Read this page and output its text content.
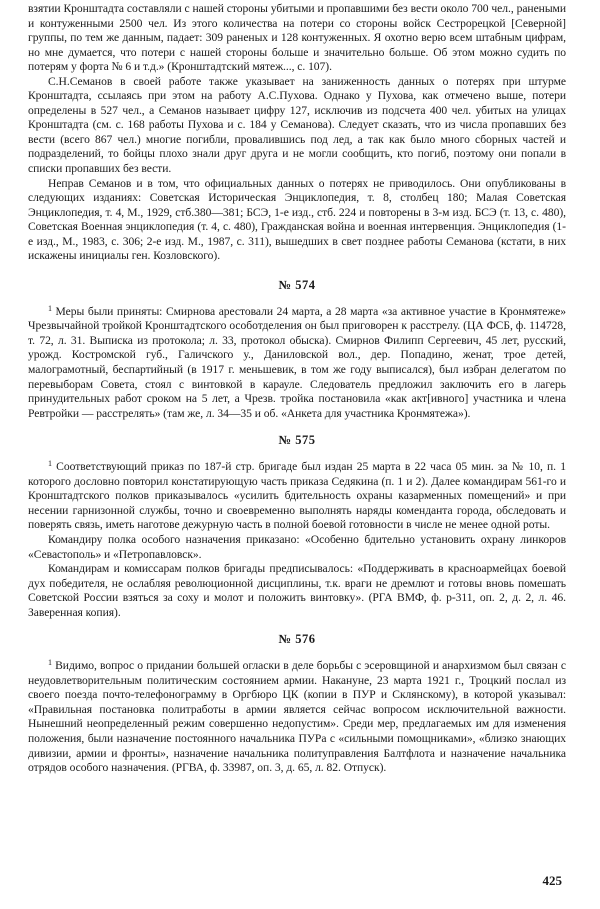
взятии Кронштадта составляли с нашей стороны убитыми и пропавшими без вести около 700 чел., ранеными и контуженными 2500 чел. Из этого количества на потери со стороны войск Сестрорецкой [Северной] группы, по тем же данным, падает: 309 раненых и 128 контуженных. Я охотно верю всем штабным цифрам, но мне думается, что потери с нашей стороны больше и значительно больше. Об этом можно судить по потерям у форта № 6 и т.д.» (Кронштадтский мятеж..., с. 107).

С.Н.Семанов в своей работе также указывает на заниженность данных о потерях при штурме Кронштадта, ссылаясь при этом на работу А.С.Пухова. Однако у Пухова, как отмечено выше, потери определены в 527 чел., а Семанов называет цифру 127, исключив из подсчета 400 чел. убитых на улицах Кронштадта (см. с. 168 работы Пухова и с. 184 у Семанова). Следует сказать, что из числа пропавших без вести (всего 867 чел.) многие погибли, провалившись под лед, а так как было много сборных частей и подразделений, то бойцы плохо знали друг друга и не могли сообщить, кто погиб, поэтому они попали в списки пропавших без вести.

Неправ Семанов и в том, что официальных данных о потерях не приводилось. Они опубликованы в следующих изданиях: Советская Историческая Энциклопедия, т. 8, столбец 180; Малая Советская Энциклопедия, т. 4, М., 1929, стб.380—381; БСЭ, 1-е изд., стб. 224 и повторены в 3-м изд. БСЭ (т. 13, с. 480), Советская Военная энциклопедия (т. 4, с. 480), Гражданская война и военная интервенция. Энциклопедия (1-е изд., М., 1983, с. 306; 2-е изд. М., 1987, с. 311), вышедших в свет позднее работы Семанова (кстати, в них искажены инициалы ген. Козловского).

№ 574

$^1$ Меры были приняты: Смирнова арестовали 24 марта, а 28 марта «за активное участие в Кронмятеже» Чрезвычайной тройкой Кронштадтского особотделения он был приговорен к расстрелу. (ЦА ФСБ, ф. 114728, т. 72, л. 31. Выписка из протокола; л. 33, протокол обыска). Смирнов Филипп Сергеевич, 45 лет, русский, урожд. Костромской губ., Галичского у., Даниловской вол., дер. Попадино, женат, трое детей, малограмотный, беспартийный (в 1917 г. меньшевик, в том же году выписался), был избран делегатом по перевыборам Совета, стоял с винтовкой в карауле. Следователь предложил заключить его в лагерь принудительных работ сроком на 5 лет, а Чрезв. тройка постановила «как акт[ивного] участника и члена Ревтройки — расстрелять» (там же, л. 34—35 и об. «Анкета для участника Кронмятежа»).

№ 575

$^1$ Соответствующий приказ по 187-й стр. бригаде был издан 25 марта в 22 часа 05 мин. за № 10, п. 1 которого дословно повторил констатирующую часть приказа Седякина (п. 1 и 2). Далее командирам 561-го и Кронштадтского полков приказывалось «усилить бдительность охраны казарменных помещений» и при несении гарнизонной службы, точно и своевременно выполнять наряды коменданта города, обследовать и поверять связь, иметь наготове дежурную часть в полной боевой готовности в числе не менее одной роты.

Командиру полка особого назначения приказано: «Особенно бдительно установить охрану линкоров «Севастополь» и «Петропавловск».

Командирам и комиссарам полков бригады предписывалось: «Поддерживать в красноармейцах боевой дух победителя, не ослабляя революционной дисциплины, т.к. враги не дремлют и готовы вновь помешать Советской России взяться за соху и молот и положить винтовку». (РГА ВМФ, ф. р-311, оп. 2, д. 2, л. 46. Заверенная копия).

№ 576

$^1$ Видимо, вопрос о придании большей огласки в деле борьбы с эсеровщиной и анархизмом был связан с неудовлетворительным политическим состоянием армии. Накануне, 23 марта 1921 г., Троцкий послал из своего поезда почто-телефонограмму в Оргбюро ЦК (копии в ПУР и Склянскому), в которой указывал: «Правильная постановка политработы в армии является сейчас вопросом исключительной важности. Нынешний неопределенный режим совершенно недопустим». Среди мер, предлагаемых им для изменения положения, были назначение постоянного начальника ПУРа с «сильными помощниками», «близко знающих дивизии, армии и фронты», назначение начальника политуправления Балтфлота и назначение начальника отрядов особого назначения. (РГВА, ф. 33987, оп. 3, д. 65, л. 82. Отпуск).

425
